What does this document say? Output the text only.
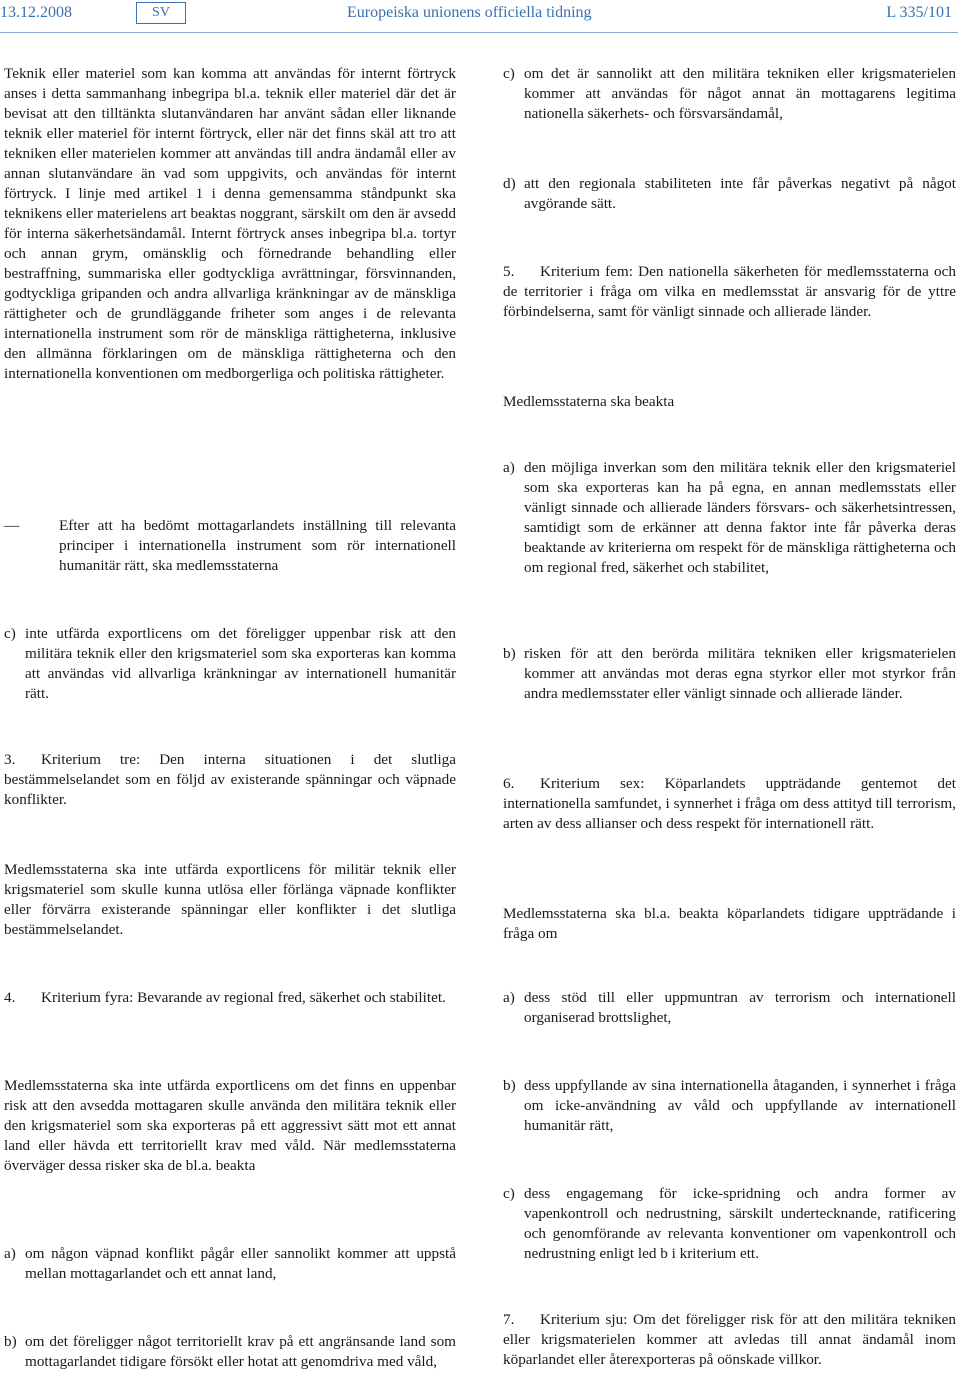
13.12.2008	SV	Europeiska unionens officiella tidning	L 335/101

Teknik eller materiel som kan komma att användas för internt förtryck anses i detta sammanhang inbegripa bl.a. teknik eller materiel där det är bevisat att den tilltänkta slutanvändaren har använt sådan eller liknande teknik eller materiel för internt förtryck, eller när det finns skäl att tro att tekniken eller materielen kommer att användas till andra ändamål eller av annan slutanvändare än vad som uppgivits, och användas för internt förtryck. I linje med artikel 1 i denna gemensamma ståndpunkt ska teknikens eller materielens art beaktas noggrant, särskilt om den är avsedd för interna säkerhetsändamål. Internt förtryck anses inbegripa bl.a. tortyr och annan grym, omänsklig och förnedrande behandling eller bestraffning, summariska eller godtyckliga avrättningar, försvinnanden, godtyckliga gripanden och andra allvarliga kränkningar av de mänskliga rättigheter och de grundläggande friheter som anges i de relevanta internationella instrument som rör de mänskliga rättigheterna, inklusive den allmänna förklaringen om de mänskliga rättigheterna och den internationella konventionen om medborgerliga och politiska rättigheter.

—	Efter att ha bedömt mottagarlandets inställning till relevanta principer i internationella instrument som rör internationell humanitär rätt, ska medlemsstaterna
c) inte utfärda exportlicens om det föreligger uppenbar risk att den militära teknik eller den krigsmateriel som ska exporteras kan komma att användas vid allvarliga kränkningar av internationell humanitär rätt.

3. Kriterium tre: Den interna situationen i det slutliga bestämmelselandet som en följd av existerande spänningar och väpnade konflikter.

Medlemsstaterna ska inte utfärda exportlicens för militär teknik eller krigsmateriel som skulle kunna utlösa eller förlänga väpnade konflikter eller förvärra existerande spänningar eller konflikter i det slutliga bestämmelselandet.

4. Kriterium fyra: Bevarande av regional fred, säkerhet och stabilitet.

Medlemsstaterna ska inte utfärda exportlicens om det finns en uppenbar risk att den avsedda mottagaren skulle använda den militära teknik eller den krigsmateriel som ska exporteras på ett aggressivt sätt mot ett annat land eller hävda ett territoriellt krav med våld. När medlemsstaterna överväger dessa risker ska de bl.a. beakta

a) om någon väpnad konflikt pågår eller sannolikt kommer att uppstå mellan mottagarlandet och ett annat land,
b) om det föreligger något territoriellt krav på ett angränsande land som mottagarlandet tidigare försökt eller hotat att genomdriva med våld,
c) om det är sannolikt att den militära tekniken eller krigsmaterielen kommer att användas för något annat än mottagarens legitima nationella säkerhets- och försvarsändamål,
d) att den regionala stabiliteten inte får påverkas negativt på något avgörande sätt.

5. Kriterium fem: Den nationella säkerheten för medlemsstaterna och de territorier i fråga om vilka en medlemsstat är ansvarig för de yttre förbindelserna, samt för vänligt sinnade och allierade länder.

Medlemsstaterna ska beakta

a) den möjliga inverkan som den militära teknik eller den krigsmateriel som ska exporteras kan ha på egna, en annan medlemsstats eller vänligt sinnade och allierade länders försvars- och säkerhetsintressen, samtidigt som de erkänner att denna faktor inte får påverka deras beaktande av kriterierna om respekt för de mänskliga rättigheterna och om regional fred, säkerhet och stabilitet,
b) risken för att den berörda militära tekniken eller krigsmaterielen kommer att användas mot deras egna styrkor eller mot styrkor från andra medlemsstater eller vänligt sinnade och allierade länder.

6. Kriterium sex: Köparlandets uppträdande gentemot det internationella samfundet, i synnerhet i fråga om dess attityd till terrorism, arten av dess allianser och dess respekt för internationell rätt.

Medlemsstaterna ska bl.a. beakta köparlandets tidigare uppträdande i fråga om

a) dess stöd till eller uppmuntran av terrorism och internationell organiserad brottslighet,
b) dess uppfyllande av sina internationella åtaganden, i synnerhet i fråga om icke-användning av våld och uppfyllande av internationell humanitär rätt,
c) dess engagemang för icke-spridning och andra former av vapenkontroll och nedrustning, särskilt undertecknande, ratificering och genomförande av relevanta konventioner om vapenkontroll och nedrustning enligt led b i kriterium ett.

7. Kriterium sju: Om det föreligger risk för att den militära tekniken eller krigsmaterielen kommer att avledas till annat ändamål inom köparlandet eller återexporteras på oönskade villkor.
